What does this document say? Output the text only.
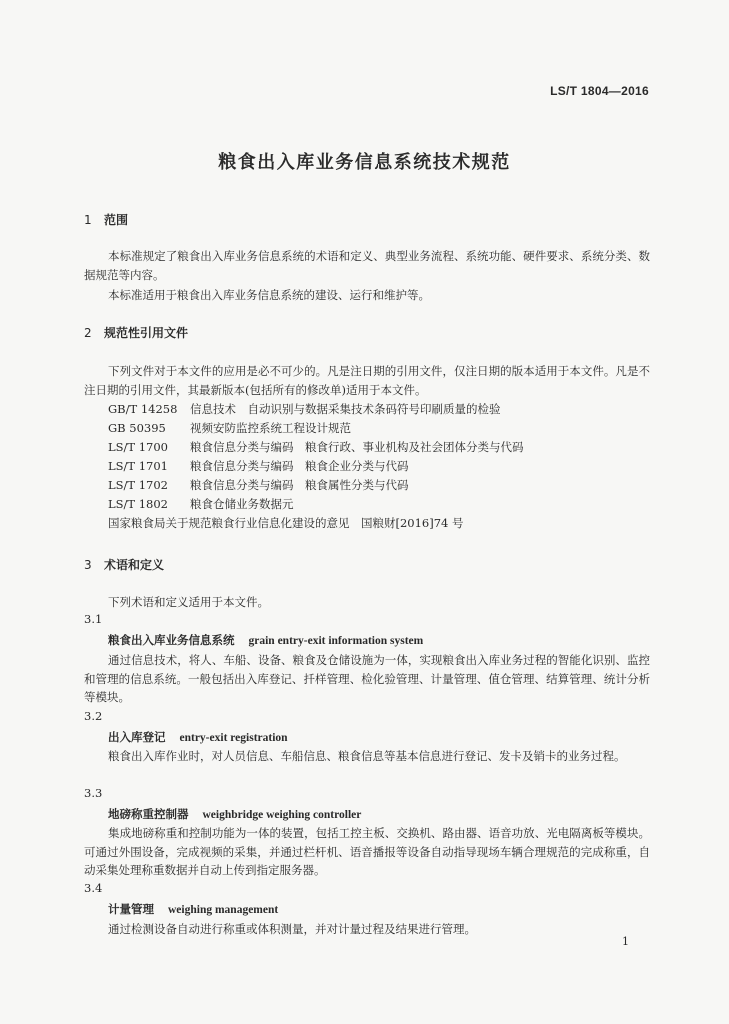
LS/T 1804—2016
粮食出入库业务信息系统技术规范
1 范围
本标准规定了粮食出入库业务信息系统的术语和定义、典型业务流程、系统功能、硬件要求、系统分类、数据规范等内容。
本标准适用于粮食出入库业务信息系统的建设、运行和维护等。
2 规范性引用文件
下列文件对于本文件的应用是必不可少的。凡是注日期的引用文件，仅注日期的版本适用于本文件。凡是不注日期的引用文件，其最新版本(包括所有的修改单)适用于本文件。
GB/T 14258 信息技术　自动识别与数据采集技术条码符号印刷质量的检验
GB 50395 视频安防监控系统工程设计规范
LS/T 1700 粮食信息分类与编码　粮食行政、事业机构及社会团体分类与代码
LS/T 1701 粮食信息分类与编码　粮食企业分类与代码
LS/T 1702 粮食信息分类与编码　粮食属性分类与代码
LS/T 1802 粮食仓储业务数据元
国家粮食局关于规范粮食行业信息化建设的意见　国粮财[2016]74 号
3 术语和定义
下列术语和定义适用于本文件。
3.1
粮食出入库业务信息系统 grain entry-exit information system
通过信息技术，将人、车船、设备、粮食及仓储设施为一体，实现粮食出入库业务过程的智能化识别、监控和管理的信息系统。一般包括出入库登记、扦样管理、检化验管理、计量管理、值仓管理、结算管理、统计分析等模块。
3.2
出入库登记 entry-exit registration
粮食出入库作业时，对人员信息、车船信息、粮食信息等基本信息进行登记、发卡及销卡的业务过程。
3.3
地磅称重控制器 weighbridge weighing controller
集成地磅称重和控制功能为一体的装置，包括工控主板、交换机、路由器、语音功放、光电隔离板等模块。可通过外围设备，完成视频的采集，并通过栏杆机、语音播报等设备自动指导现场车辆合理规范的完成称重，自动采集处理称重数据并自动上传到指定服务器。
3.4
计量管理 weighing management
通过检测设备自动进行称重或体积测量，并对计量过程及结果进行管理。
1
